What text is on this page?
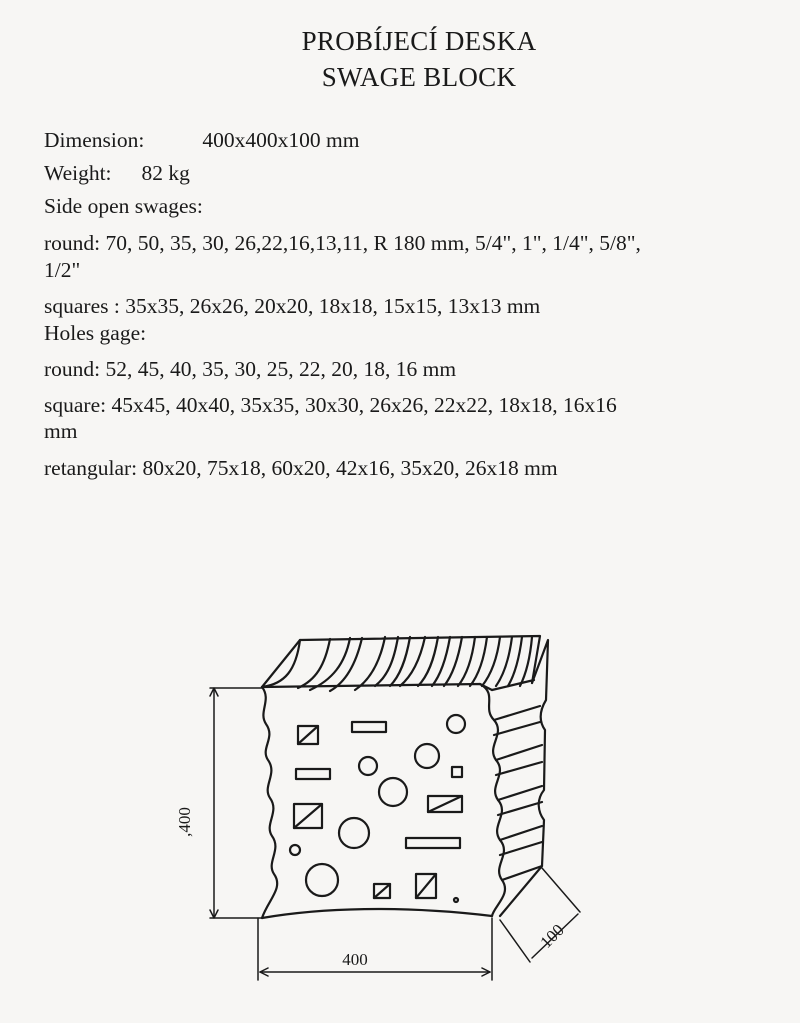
PROBÍJECÍ DESKA
SWAGE BLOCK
Dimension:	400x400x100 mm
Weight: 82 kg
Side open swages:
round: 70, 50, 35, 30, 26,22,16,13,11, R 180 mm, 5/4", 1", 1/4", 5/8",
1/2"
squares : 35x35, 26x26, 20x20, 18x18, 15x15, 13x13 mm
Holes gage:
round: 52, 45, 40, 35, 30, 25, 22, 20, 18, 16 mm
square: 45x45, 40x40, 35x35, 30x30, 26x26, 22x22, 18x18, 16x16
mm
retangular: 80x20, 75x18, 60x20, 42x16, 35x20, 26x18 mm
,400
400
100
